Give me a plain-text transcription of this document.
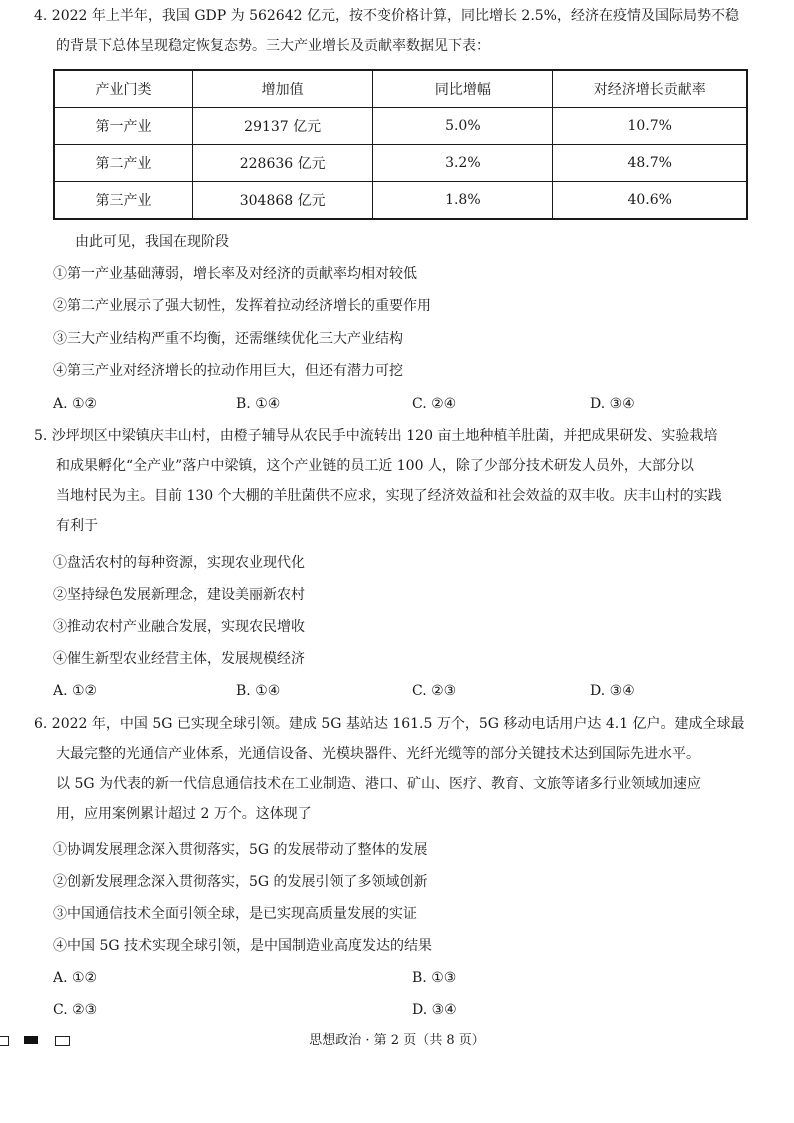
4. 2022 年上半年，我国 GDP 为 562642 亿元，按不变价格计算，同比增长 2.5%，经济在疫情及国际局势不稳
的背景下总体呈现稳定恢复态势。三大产业增长及贡献率数据见下表：

产业门类	增加值	同比增幅	对经济增长贡献率
第一产业	29137 亿元	5.0%	10.7%
第二产业	228636 亿元	3.2%	48.7%
第三产业	304868 亿元	1.8%	40.6%
由此可见，我国在现阶段
①第一产业基础薄弱，增长率及对经济的贡献率均相对较低
②第二产业展示了强大韧性，发挥着拉动经济增长的重要作用
③三大产业结构严重不均衡，还需继续优化三大产业结构
④第三产业对经济增长的拉动作用巨大，但还有潜力可挖
A. ①②	B. ①④	C. ②④	D. ③④

5. 沙坪坝区中梁镇庆丰山村，由橙子辅导从农民手中流转出 120 亩土地种植羊肚菌，并把成果研发、实验栽培
和成果孵化“全产业”落户中梁镇，这个产业链的员工近 100 人，除了少部分技术研发人员外，大部分以
当地村民为主。目前 130 个大棚的羊肚菌供不应求，实现了经济效益和社会效益的双丰收。庆丰山村的实践
有利于

①盘活农村的每种资源，实现农业现代化
②坚持绿色发展新理念，建设美丽新农村
③推动农村产业融合发展，实现农民增收
④催生新型农业经营主体，发展规模经济
A. ①②	B. ①④	C. ②③	D. ③④

6. 2022 年，中国 5G 已实现全球引领。建成 5G 基站达 161.5 万个，5G 移动电话用户达 4.1 亿户。建成全球最
大最完整的光通信产业体系，光通信设备、光模块器件、光纤光缆等的部分关键技术达到国际先进水平。
以 5G 为代表的新一代信息通信技术在工业制造、港口、矿山、医疗、教育、文旅等诸多行业领域加速应
用，应用案例累计超过 2 万个。这体现了

①协调发展理念深入贯彻落实，5G 的发展带动了整体的发展
②创新发展理念深入贯彻落实，5G 的发展引领了多领域创新
③中国通信技术全面引领全球，是已实现高质量发展的实证
④中国 5G 技术实现全球引领，是中国制造业高度发达的结果
A. ①②	B. ①③
C. ②③	D. ③④
思想政治 · 第 2 页（共 8 页）
